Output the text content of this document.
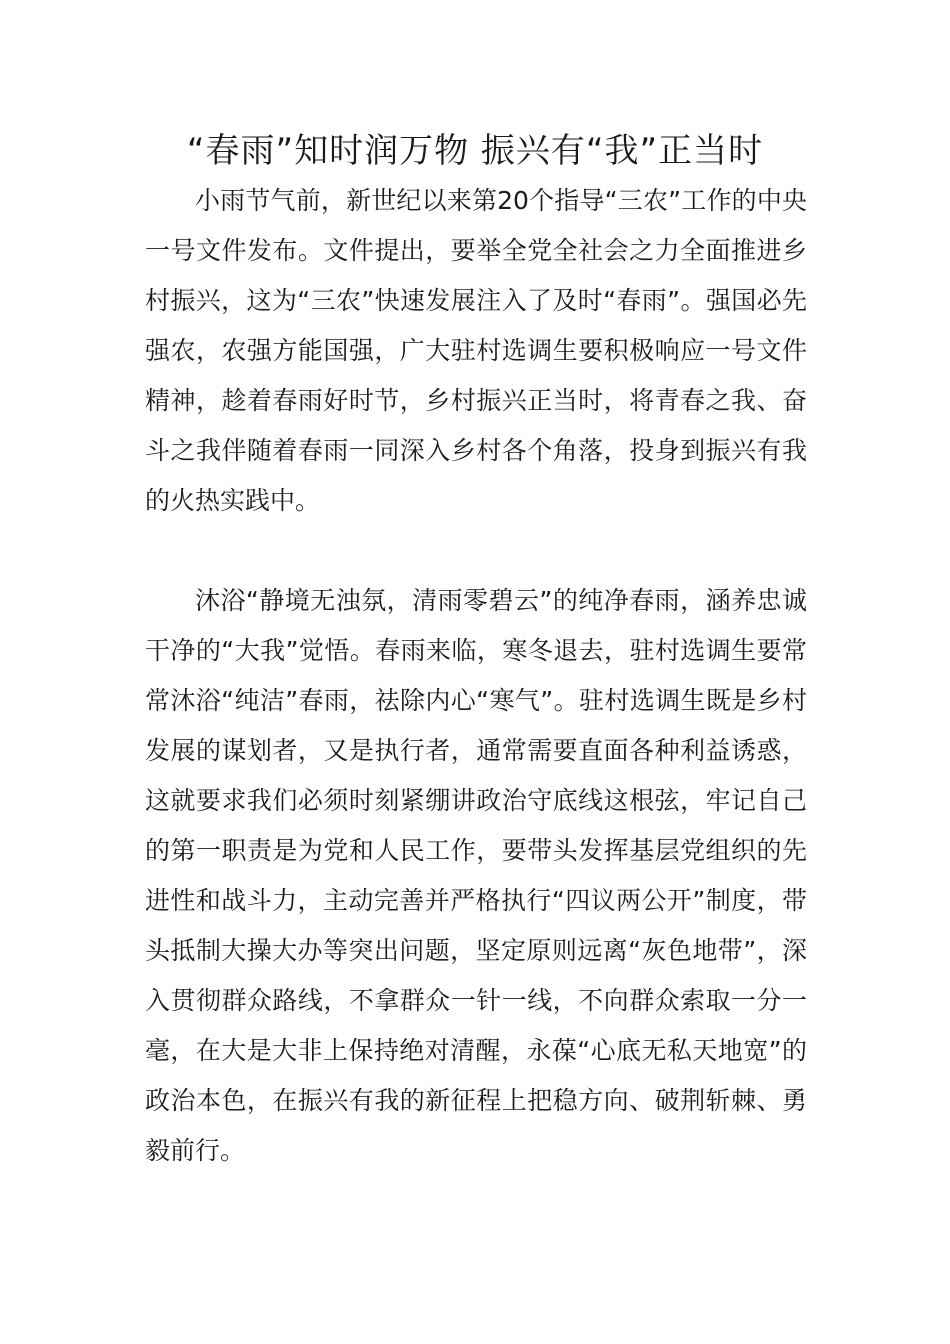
“春雨”知时润万物 振兴有“我”正当时

小雨节气前，新世纪以来第20个指导“三农”工作的中央一号文件发布。文件提出，要举全党全社会之力全面推进乡村振兴，这为“三农”快速发展注入了及时“春雨”。强国必先强农，农强方能国强，广大驻村选调生要积极响应一号文件精神，趁着春雨好时节，乡村振兴正当时，将青春之我、奋斗之我伴随着春雨一同深入乡村各个角落，投身到振兴有我的火热实践中。

沐浴“静境无浊氛，清雨零碧云”的纯净春雨，涵养忠诚干净的“大我”觉悟。春雨来临，寒冬退去，驻村选调生要常常沐浴“纯洁”春雨，祛除内心“寒气”。驻村选调生既是乡村发展的谋划者，又是执行者，通常需要直面各种利益诱惑，这就要求我们必须时刻紧绷讲政治守底线这根弦，牢记自己的第一职责是为党和人民工作，要带头发挥基层党组织的先进性和战斗力，主动完善并严格执行“四议两公开”制度，带头抵制大操大办等突出问题，坚定原则远离“灰色地带”，深入贯彻群众路线，不拿群众一针一线，不向群众索取一分一毫，在大是大非上保持绝对清醒，永葆“心底无私天地宽”的政治本色，在振兴有我的新征程上把稳方向、破荆斩棘、勇毅前行。
